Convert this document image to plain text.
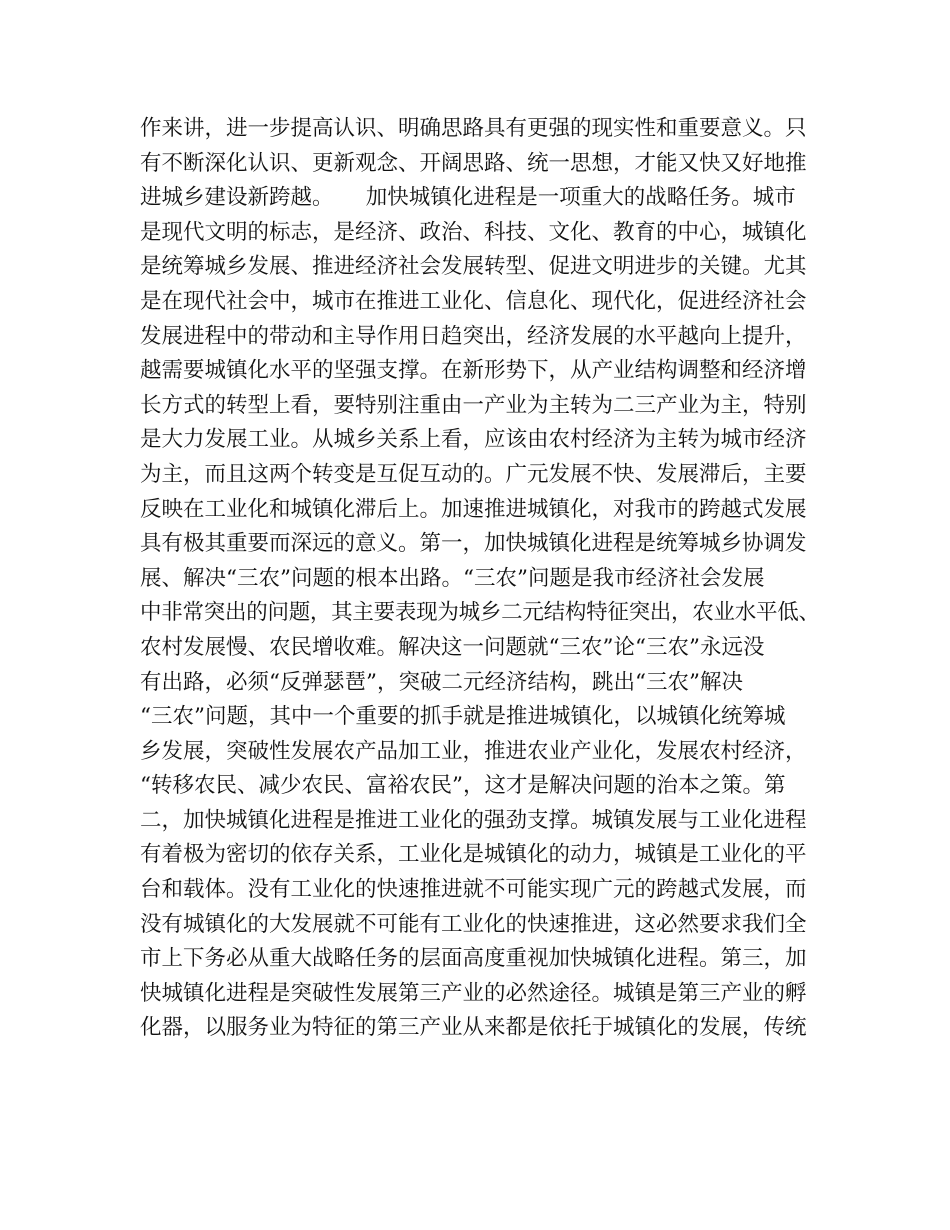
作来讲，进一步提高认识、明确思路具有更强的现实性和重要意义。只
有不断深化认识、更新观念、开阔思路、统一思想，才能又快又好地推
进城乡建设新跨越。　　加快城镇化进程是一项重大的战略任务。城市
是现代文明的标志，是经济、政治、科技、文化、教育的中心，城镇化
是统筹城乡发展、推进经济社会发展转型、促进文明进步的关键。尤其
是在现代社会中，城市在推进工业化、信息化、现代化，促进经济社会
发展进程中的带动和主导作用日趋突出，经济发展的水平越向上提升，
越需要城镇化水平的坚强支撑。在新形势下，从产业结构调整和经济增
长方式的转型上看，要特别注重由一产业为主转为二三产业为主，特别
是大力发展工业。从城乡关系上看，应该由农村经济为主转为城市经济
为主，而且这两个转变是互促互动的。广元发展不快、发展滞后，主要
反映在工业化和城镇化滞后上。加速推进城镇化，对我市的跨越式发展
具有极其重要而深远的意义。第一，加快城镇化进程是统筹城乡协调发
展、解决“三农”问题的根本出路。“三农”问题是我市经济社会发展
中非常突出的问题，其主要表现为城乡二元结构特征突出，农业水平低、
农村发展慢、农民增收难。解决这一问题就“三农”论“三农”永远没
有出路，必须“反弹瑟琶”，突破二元经济结构，跳出“三农”解决
“三农”问题，其中一个重要的抓手就是推进城镇化，以城镇化统筹城
乡发展，突破性发展农产品加工业，推进农业产业化，发展农村经济，
“转移农民、减少农民、富裕农民”，这才是解决问题的治本之策。第
二，加快城镇化进程是推进工业化的强劲支撑。城镇发展与工业化进程
有着极为密切的依存关系，工业化是城镇化的动力，城镇是工业化的平
台和载体。没有工业化的快速推进就不可能实现广元的跨越式发展，而
没有城镇化的大发展就不可能有工业化的快速推进，这必然要求我们全
市上下务必从重大战略任务的层面高度重视加快城镇化进程。第三，加
快城镇化进程是突破性发展第三产业的必然途径。城镇是第三产业的孵
化器，以服务业为特征的第三产业从来都是依托于城镇化的发展，传统
